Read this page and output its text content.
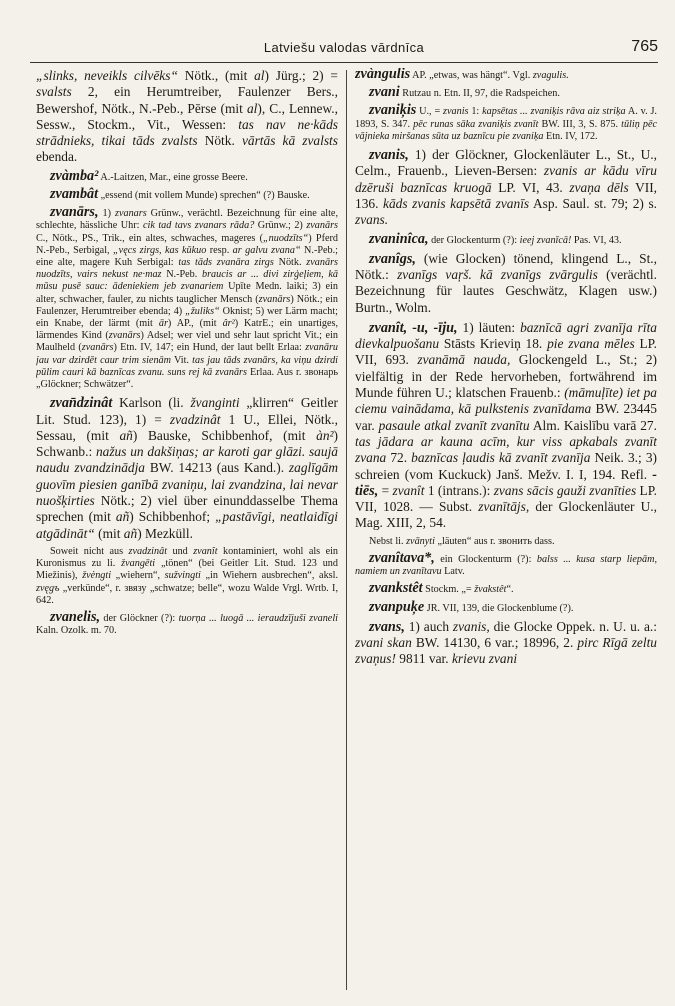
Latviešu valodas vārdnīca	765

„slinks, neveikls cilvēks“ Nötk., (mit al) Jürg.; 2) = svalsts 2, ein Herumtreiber, Faulenzer Bers., Bewershof, Nötk., N.-Peb., Pērse (mit al), C., Lennew., Sessw., Stockm., Vit., Wessen: tas nav ne·kāds strādnieks, tikai tāds zvalsts Nötk. vārtās kā zvalsts ebenda.

zvàmba² A.-Laitzen, Mar., eine grosse Beere.

zvambât „essend (mit vollem Munde) sprechen“ (?) Bauske.

zvanārs, 1) zvanars Grünw., verächtl. Bezeichnung für eine alte, schlechte, hässliche Uhr: cik tad tavs zvanars rāda? Grünw.; 2) zvanārs C., Nötk., PS., Trik., ein altes, schwaches, mageres („nuodzīts“) Pferd N.-Peb., Serbigal, „vęcs zirgs, kas kūkuo resp. ar galvu zvana“ N.-Peb.; eine alte, magere Kuh Serbigal: tas tāds zvanāra zirgs Nötk. zvanārs nuodzīts, vairs nekust ne·maz N.-Peb. braucis ar ... divi zirģeļiem, kā mūsu pusē sauc: ādeniekiem jeb zvanariem Upīte Medn. laiki; 3) ein alter, schwacher, fauler, zu nichts tauglicher Mensch (zvanārs) Nötk.; ein Faulenzer, Herumtreiber ebenda; 4) „žuliks“ Oknist; 5) wer Lärm macht; ein Knabe, der lärmt (mit ār) AP., (mit âr²) KatrE.; ein unartiges, lärmendes Kind (zvanārs) Adsel; wer viel und sehr laut spricht Vit.; ein Maulheld (zvanārs) Etn. IV, 147; ein Hund, der laut bellt Erlaa: zvanāru jau var dzirdēt caur trim sienām Vit. tas jau tāds zvanārs, ka viņu dzirdi pūlim cauri kā baznīcas zvanu. suns rej kā zvanārs Erlaa. Aus r. звонарь „Glöckner; Schwätzer“.

zvan̄dzinât Karlson (li. žvanginti „klirren“ Geitler Lit. Stud. 123), 1) = zvadzinât 1 U., Ellei, Nötk., Sessau, (mit añ) Bauske, Schibbenhof, (mit àn²) Schwanb.: nažus un dakšiņas; ar karoti gar glāzi. saujā naudu zvandzinādja BW. 14213 (aus Kand.). zaglīgām guovīm piesien ganībā zvaniņu, lai zvandzina, lai nevar nuošķirties Nötk.; 2) viel über einunddasselbe Thema sprechen (mit añ) Schibbenhof; „pastāvīgi, neatlaidīgi atgādināt“ (mit añ) Mezküll.

Soweit nicht aus zvadzinât und zvanît kontaminiert, wohl als ein Kuronismus zu li. žvangēti „tönen“ (bei Geitler Lit. Stud. 123 und Miežinis), žvėngti „wiehern“, sužvingti „in Wiehern ausbrechen“, aksl. zvęgъ „verkünde“, r. звязу „schwatze; belle“, wozu Walde Vrgl. Wrtb. I, 642.

zvanelis, der Glöckner (?): tuorņa ... luogā ... ieraudzījuši zvaneli Kaln. Ozolk. m. 70.

zvàngulis AP. „etwas, was hängt“. Vgl. zvagulis.

zvani Rutzau n. Etn. II, 97, die Radspeichen.

zvaniķis U., = zvanis 1: kapsētas ... zvaniķis rāva aiz striķa A. v. J. 1893, S. 347. pēc runas sāka zvaniķis zvanīt BW. III, 3, S. 875. tūliņ pēc vājnieka miršanas sūta uz baznīcu pie zvaniķa Etn. IV, 172.

zvanis, 1) der Glöckner, Glockenläuter L., St., U., Celm., Frauenb., Lieven-Bersen: zvanis ar kādu vīru dzēruši baznīcas kruogā LP. VI, 43. zvaņa dēls VII, 136. kāds zvanis kapsētā zvanīs Asp. Saul. st. 79; 2) s. zvans.

zvaninîca, der Glockenturm (?): ieej zvanīcā! Pas. VI, 43.

zvanîgs, (wie Glocken) tönend, klingend L., St., Nötk.: zvanīgs vaŗš. kā zvanīgs zvārgulis (verächtl. Bezeichnung für lautes Geschwätz, Klagen usw.) Burtn., Wolm.

zvanît, -u, -īju, 1) läuten: baznīcā agri zvanīja rīta dievkalpuošanu Stāsts Krieviņ 18. pie zvana mēles LP. VII, 693. zvanāmā nauda, Glockengeld L., St.; 2) vielfältig in der Rede hervorheben, fortwährend im Munde führen U.; klatschen Frauenb.: (māmuļīte) iet pa ciemu vainādama, kā pulkstenis zvanīdama BW. 23445 var. pasaule atkal zvanīt zvanītu Alm. Kaislību varā 27. tas jādara ar kauna acīm, kur viss apkabals zvanīt zvana 72. baznīcas ļaudis kā zvanīt zvanīja Neik. 3.; 3) schreien (vom Kuckuck) Janš. Mežv. I. I, 194. Refl. -tiēs, = zvanît 1 (intrans.): zvans sācis gauži zvanīties LP. VII, 1028. — Subst. zvanītājs, der Glockenläuter U., Mag. XIII, 2, 54.

Nebst li. zvānyti „läuten“ aus r. звонить dass.

zvanîtava*, ein Glockenturm (?): balss ... kusa starp liepām, namiem un zvanītavu Latv.

zvankstêt Stockm. „= žvakstêt“.

zvanpuķe JR. VII, 139, die Glockenblume (?).

zvans, 1) auch zvanis, die Glocke Oppek. n. U. u. a.: zvani skan BW. 14130, 6 var.; 18996, 2. pirc Rīgā zeltu zvaņus! 9811 var. krievu zvani
